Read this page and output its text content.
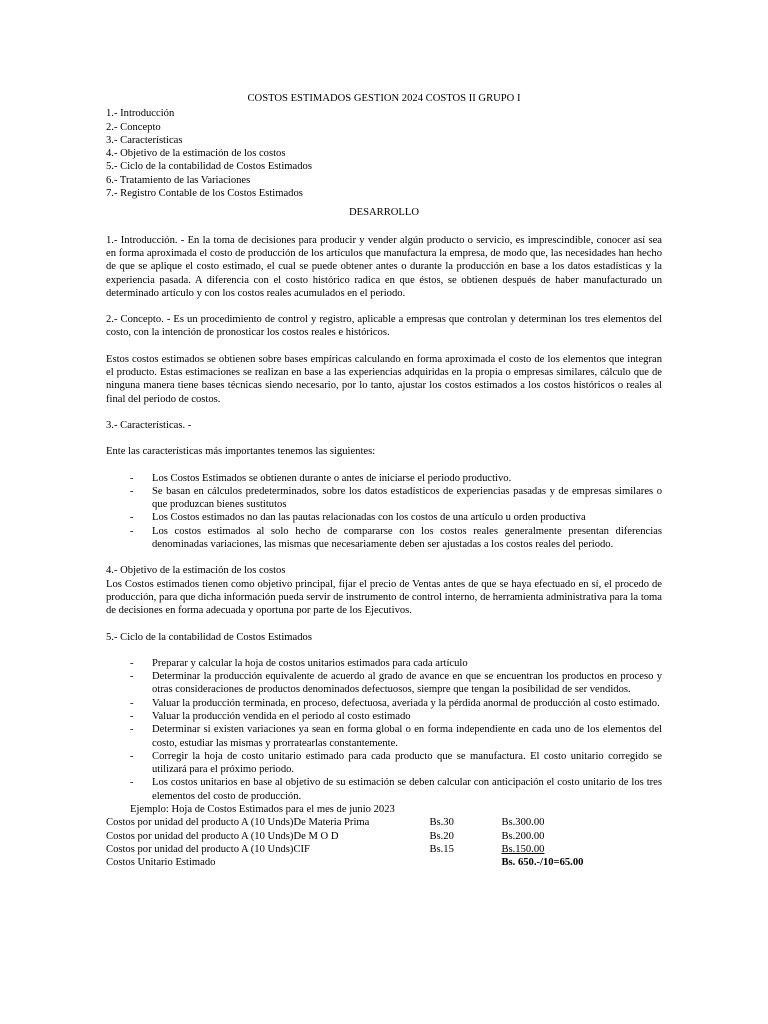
COSTOS ESTIMADOS GESTION 2024 COSTOS II GRUPO I
1.- Introducción
2.- Concepto
3.- Características
4.- Objetivo de la estimación de los costos
5.- Ciclo de la contabilidad de Costos Estimados
6.- Tratamiento de las Variaciones
7.- Registro Contable de los Costos Estimados
DESARROLLO

1.- Introducción. - En la toma de decisiones para producir y vender algún producto o servicio, es imprescindible, conocer así sea en forma aproximada el costo de producción de los artículos que manufactura la empresa, de modo que, las necesidades han hecho de que se aplique el costo estimado, el cual se puede obtener antes o durante la producción en base a los datos estadísticas y la experiencia pasada. A diferencia con el costo histórico radica en que éstos, se obtienen después de haber manufacturado un determinado artículo y con los costos reales acumulados en el periodo.

2.- Concepto. - Es un procedimiento de control y registro, aplicable a empresas que controlan y determinan los tres elementos del costo, con la intención de pronosticar los costos reales e históricos.

Estos costos estimados se obtienen sobre bases empíricas calculando en forma aproximada el costo de los elementos que integran el producto. Estas estimaciones se realizan en base a las experiencias adquiridas en la propia o empresas similares, cálculo que de ninguna manera tiene bases técnicas siendo necesario, por lo tanto, ajustar los costos estimados a los costos históricos o reales al final del periodo de costos.

3.- Características. -

Ente las características más importantes tenemos las siguientes:

- Los Costos Estimados se obtienen durante o antes de iniciarse el periodo productivo.
- Se basan en cálculos predeterminados, sobre los datos estadísticos de experiencias pasadas y de empresas similares o que produzcan bienes sustitutos
- Los Costos estimados no dan las pautas relacionadas con los costos de una artículo u orden productiva
- Los costos estimados al solo hecho de compararse con los costos reales generalmente presentan diferencias denominadas variaciones, las mismas que necesariamente deben ser ajustadas a los costos reales del periodo.

4.- Objetivo de la estimación de los costos

Los Costos estimados tienen como objetivo principal, fijar el precio de Ventas antes de que se haya efectuado en sí, el procedo de producción, para que dicha información pueda servir de instrumento de control interno, de herramienta administrativa para la toma de decisiones en forma adecuada y oportuna por parte de los Ejecutivos.

5.- Ciclo de la contabilidad de Costos Estimados

- Preparar y calcular la hoja de costos unitarios estimados para cada artículo
- Determinar la producción equivalente de acuerdo al grado de avance en que se encuentran los productos en proceso y otras consideraciones de productos denominados defectuosos, siempre que tengan la posibilidad de ser vendidos.
- Valuar la producción terminada, en proceso, defectuosa, averiada y la pérdida anormal de producción al costo estimado.
- Valuar la producción vendida en el periodo al costo estimado
- Determinar si existen variaciones ya sean en forma global o en forma independiente en cada uno de los elementos del costo, estudiar las mismas y prorratearlas constantemente.
- Corregir la hoja de costo unitario estimado para cada producto que se manufactura. El costo unitario corregido se utilizará para el próximo periodo.
- Los costos unitarios en base al objetivo de su estimación se deben calcular con anticipación el costo unitario de los tres elementos del costo de producción.

Ejemplo: Hoja de Costos Estimados para el mes de junio 2023

Costos por unidad del producto A (10 Unds)	De Materia Prima	Bs.30	Bs.300.00
Costos por unidad del producto A (10 Unds)	De M O D	Bs.20	Bs.200.00
Costos por unidad del producto A (10 Unds)	CIF	Bs.15	Bs.150.00
Costos Unitario Estimado			Bs. 650.-/10=65.00
